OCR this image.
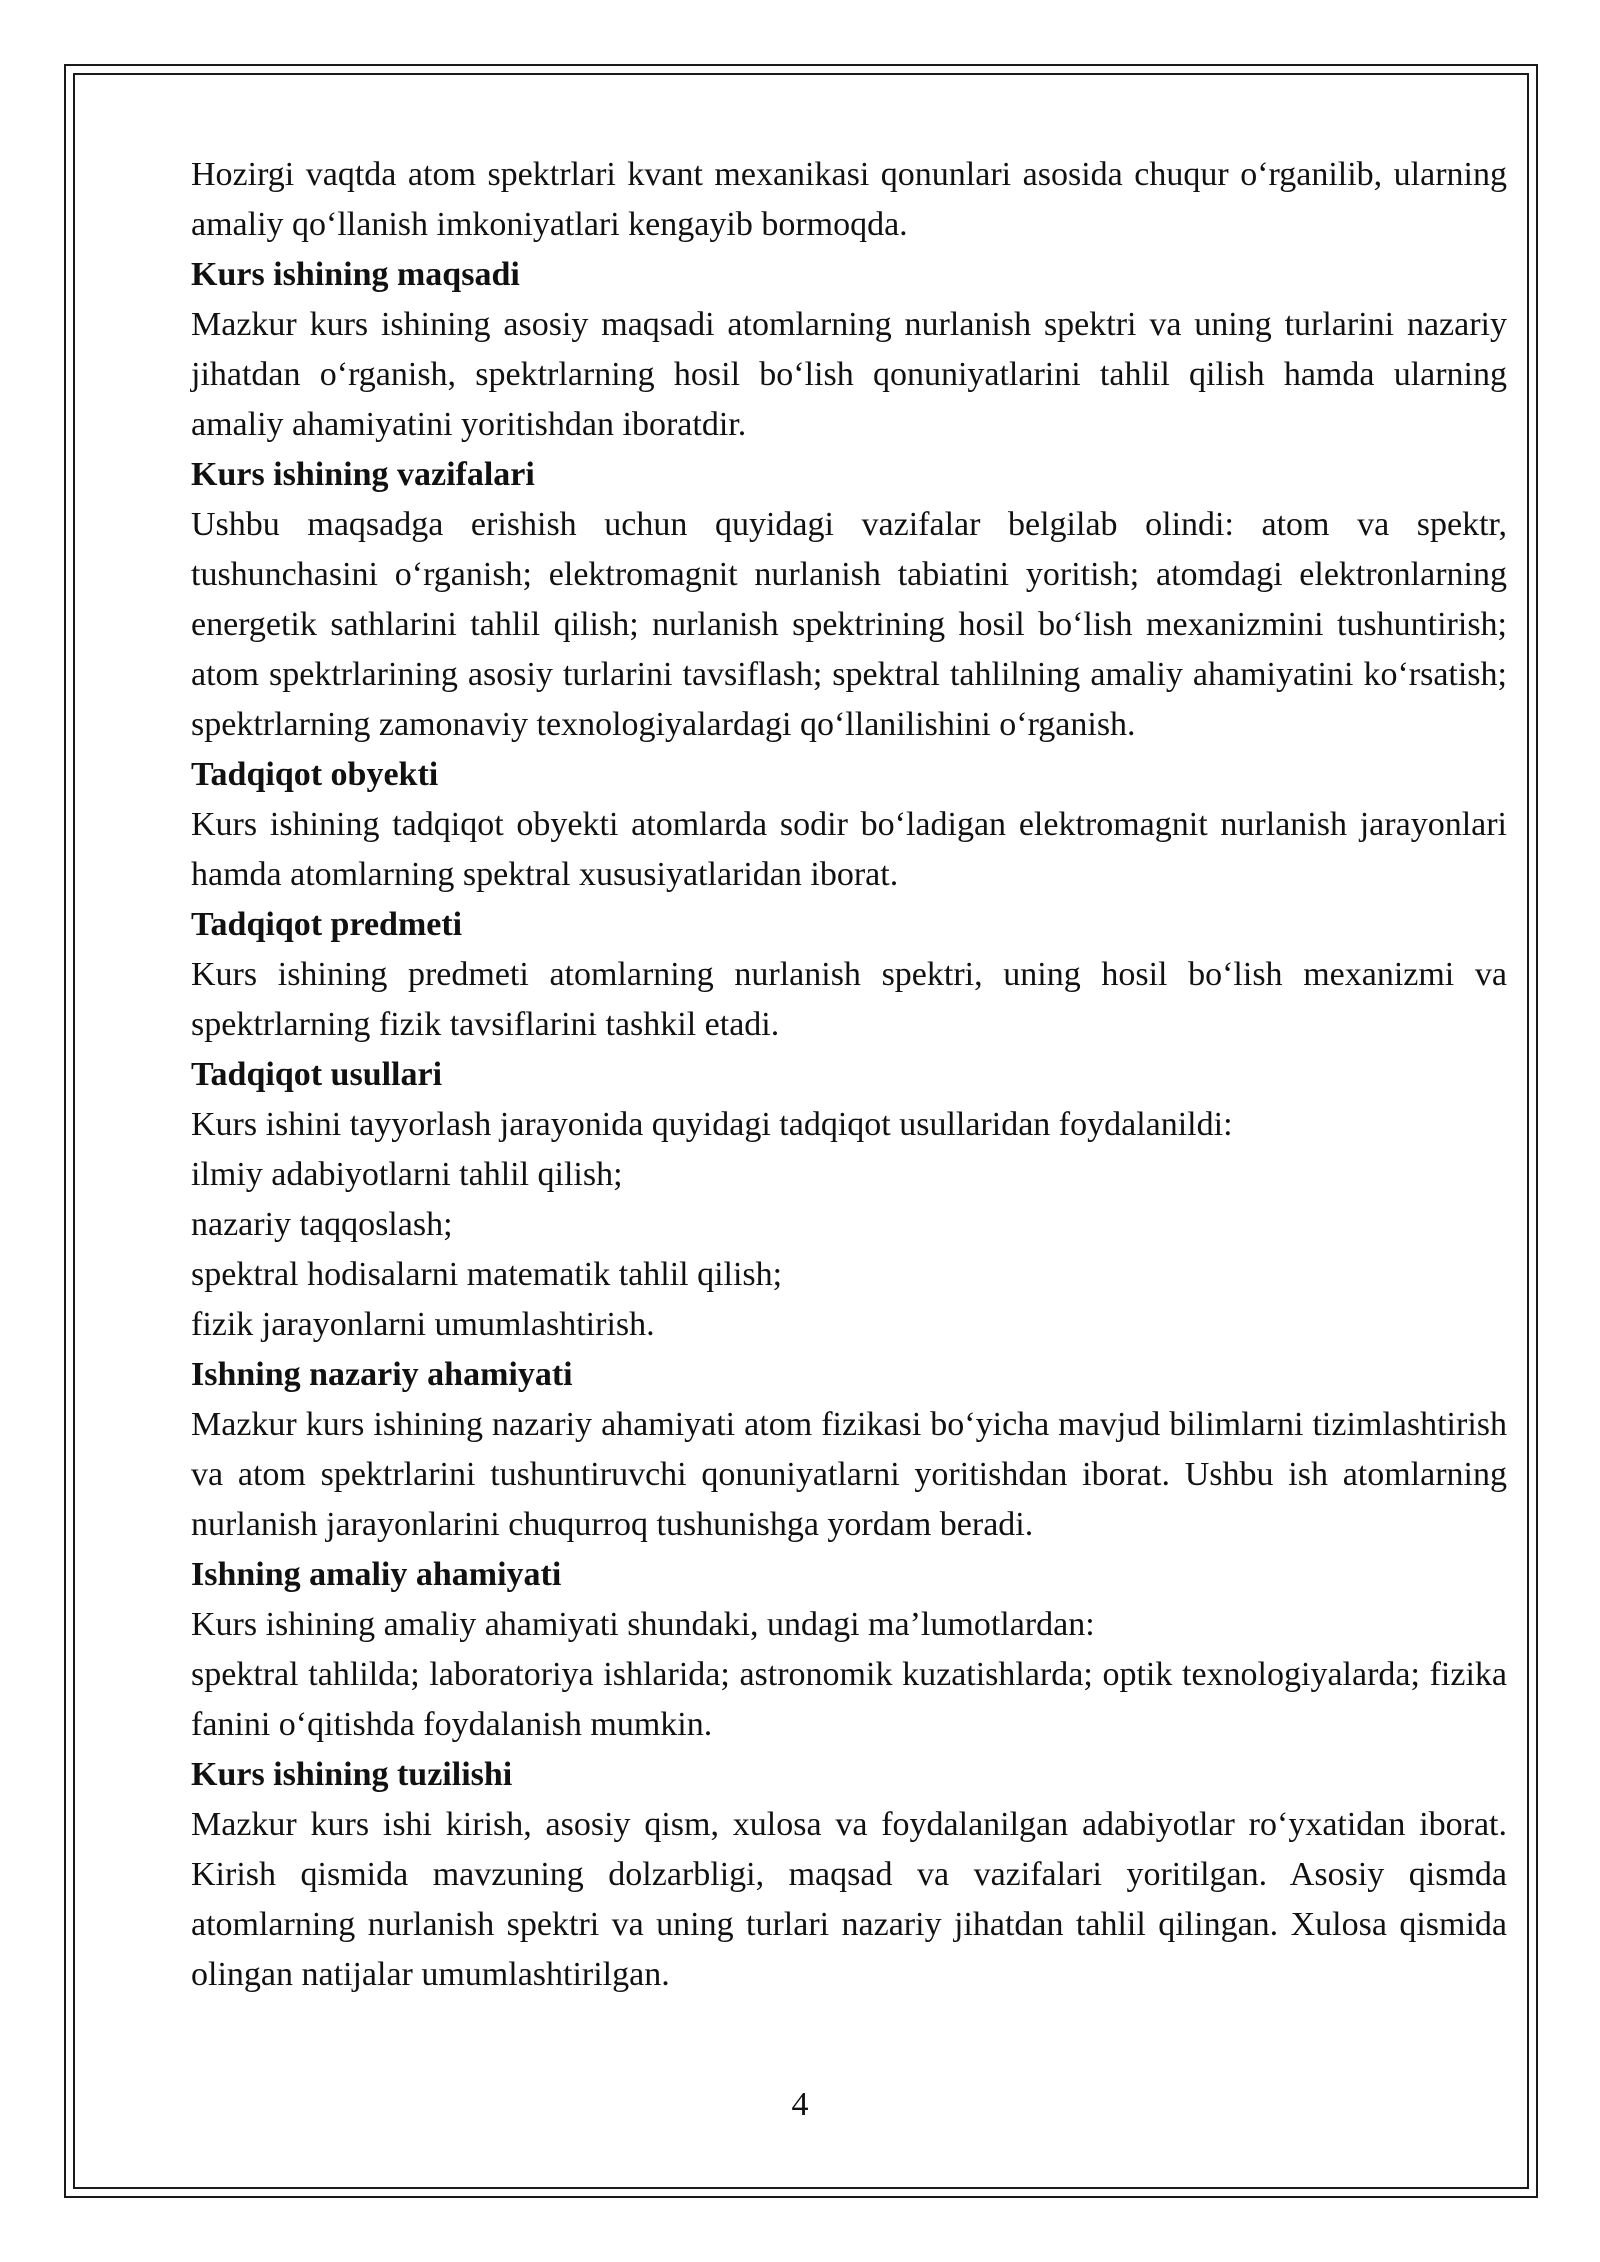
Hozirgi vaqtda atom spektrlari kvant mexanikasi qonunlari asosida chuqur o‘rganilib, ularning amaliy qo‘llanish imkoniyatlari kengayib bormoqda.

Kurs ishining maqsadi

Mazkur kurs ishining asosiy maqsadi atomlarning nurlanish spektri va uning turlarini nazariy jihatdan o‘rganish, spektrlarning hosil bo‘lish qonuniyatlarini tahlil qilish hamda ularning amaliy ahamiyatini yoritishdan iboratdir.

Kurs ishining vazifalari

Ushbu maqsadga erishish uchun quyidagi vazifalar belgilab olindi: atom va spektr, tushunchasini o‘rganish; elektromagnit nurlanish tabiatini yoritish; atomdagi elektronlarning energetik sathlarini tahlil qilish; nurlanish spektrining hosil bo‘lish mexanizmini tushuntirish; atom spektrlarining asosiy turlarini tavsiflash; spektral tahlilning amaliy ahamiyatini ko‘rsatish; spektrlarning zamonaviy texnologiyalardagi qo‘llanilishini o‘rganish.

Tadqiqot obyekti

Kurs ishining tadqiqot obyekti atomlarda sodir bo‘ladigan elektromagnit nurlanish jarayonlari hamda atomlarning spektral xususiyatlaridan iborat.

Tadqiqot predmeti

Kurs ishining predmeti atomlarning nurlanish spektri, uning hosil bo‘lish mexanizmi va spektrlarning fizik tavsiflarini tashkil etadi.

Tadqiqot usullari

Kurs ishini tayyorlash jarayonida quyidagi tadqiqot usullaridan foydalanildi:

ilmiy adabiyotlarni tahlil qilish;

nazariy taqqoslash;

spektral hodisalarni matematik tahlil qilish;

fizik jarayonlarni umumlashtirish.

Ishning nazariy ahamiyati

Mazkur kurs ishining nazariy ahamiyati atom fizikasi bo‘yicha mavjud bilimlarni tizimlashtirish va atom spektrlarini tushuntiruvchi qonuniyatlarni yoritishdan iborat. Ushbu ish atomlarning nurlanish jarayonlarini chuqurroq tushunishga yordam beradi.

Ishning amaliy ahamiyati

Kurs ishining amaliy ahamiyati shundaki, undagi ma’lumotlardan:

spektral tahlilda; laboratoriya ishlarida; astronomik kuzatishlarda; optik texnologiyalarda; fizika fanini o‘qitishda foydalanish mumkin.

Kurs ishining tuzilishi

Mazkur kurs ishi kirish, asosiy qism, xulosa va foydalanilgan adabiyotlar ro‘yxatidan iborat. Kirish qismida mavzuning dolzarbligi, maqsad va vazifalari yoritilgan. Asosiy qismda atomlarning nurlanish spektri va uning turlari nazariy jihatdan tahlil qilingan. Xulosa qismida olingan natijalar umumlashtirilgan.

4
